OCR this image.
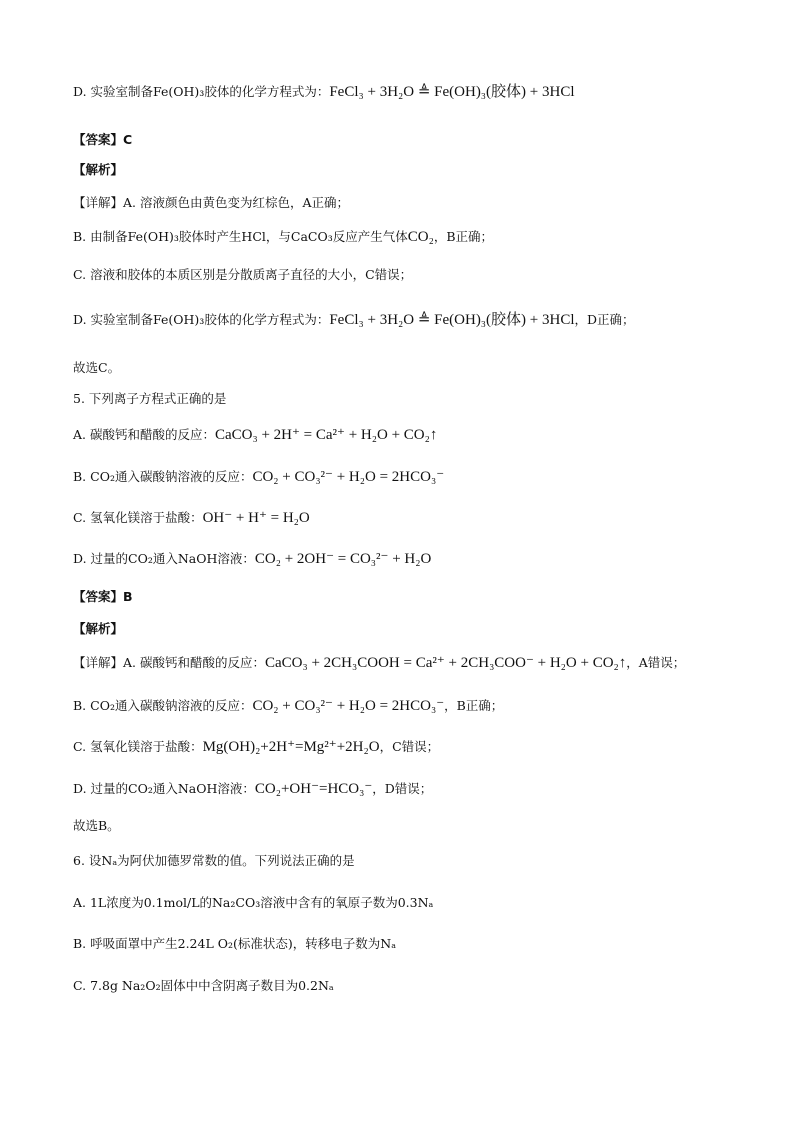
D. 实验室制备Fe(OH)₃胶体的化学方程式为：FeCl₃ + 3H₂O ≜ Fe(OH)₃(胶体) + 3HCl
【答案】C
【解析】
【详解】A. 溶液颜色由黄色变为红棕色，A正确；
B. 由制备Fe(OH)₃胶体时产生HCl，与CaCO₃反应产生气体CO₂，B正确；
C. 溶液和胶体的本质区别是分散质离子直径的大小，C错误；
D. 实验室制备Fe(OH)₃胶体的化学方程式为：FeCl₃ + 3H₂O ≜ Fe(OH)₃(胶体) + 3HCl，D正确；
故选C。
5. 下列离子方程式正确的是
A. 碳酸钙和醋酸的反应：CaCO₃ + 2H⁺ = Ca²⁺ + H₂O + CO₂↑
B. CO₂通入碳酸钠溶液的反应：CO₂ + CO₃²⁻ + H₂O = 2HCO₃⁻
C. 氢氧化镁溶于盐酸：OH⁻ + H⁺ = H₂O
D. 过量的CO₂通入NaOH溶液：CO₂ + 2OH⁻ = CO₃²⁻ + H₂O
【答案】B
【解析】
【详解】A. 碳酸钙和醋酸的反应：CaCO₃ + 2CH₃COOH = Ca²⁺ + 2CH₃COO⁻ + H₂O + CO₂↑，A错误；
B. CO₂通入碳酸钠溶液的反应：CO₂ + CO₃²⁻ + H₂O = 2HCO₃⁻，B正确；
C. 氢氧化镁溶于盐酸：Mg(OH)₂+2H⁺=Mg²⁺+2H₂O，C错误；
D. 过量的CO₂通入NaOH溶液：CO₂+OH⁻=HCO₃⁻，D错误；
故选B。
6. 设Nₐ为阿伏加德罗常数的值。下列说法正确的是
A. 1L浓度为0.1mol/L的Na₂CO₃溶液中含有的氧原子数为0.3Nₐ
B. 呼吸面罩中产生2.24L O₂(标准状态)，转移电子数为Nₐ
C. 7.8g Na₂O₂固体中中含阴离子数目为0.2Nₐ
